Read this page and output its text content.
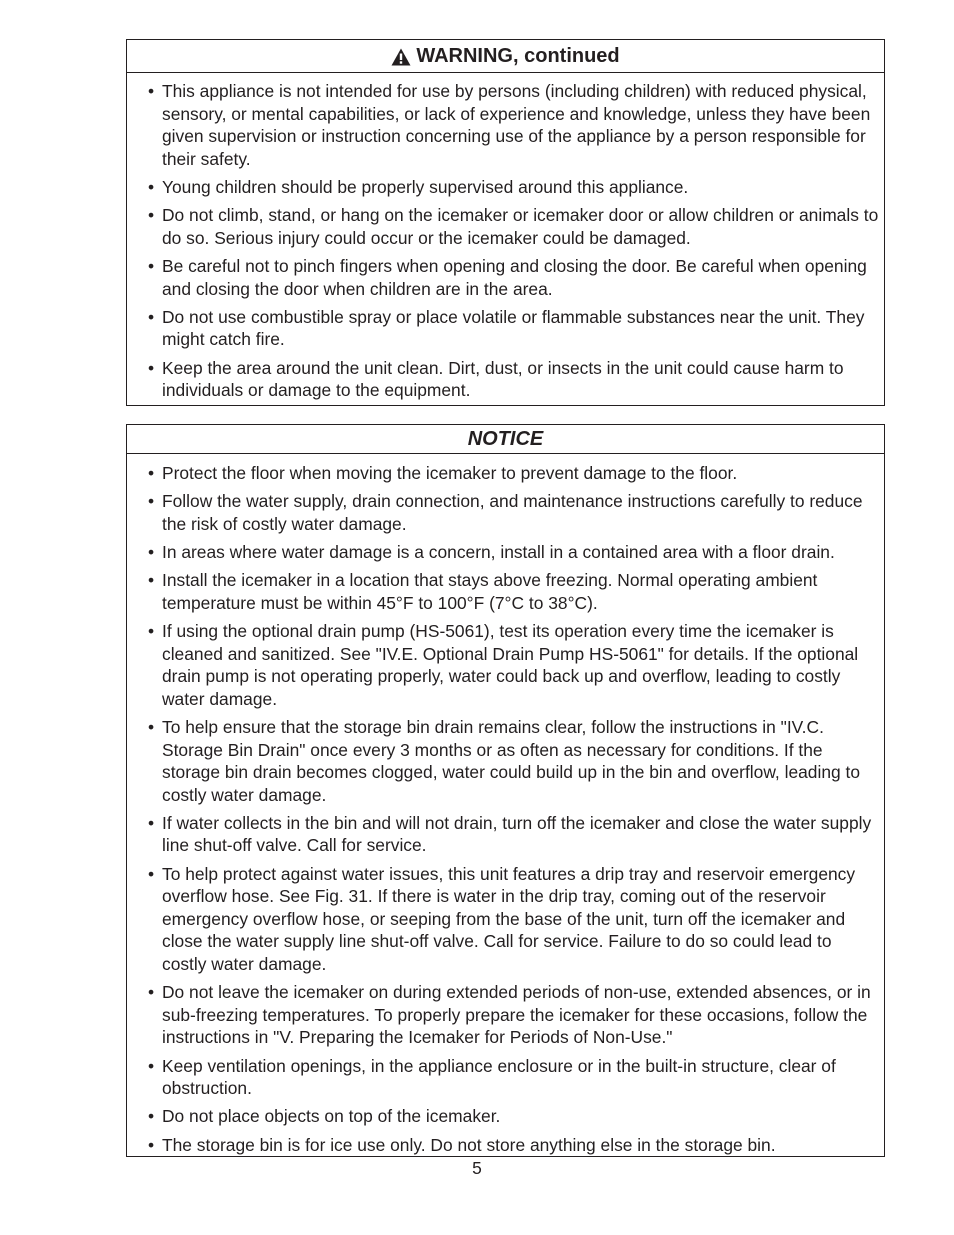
WARNING, continued
• This appliance is not intended for use by persons (including children) with reduced physical, sensory, or mental capabilities, or lack of experience and knowledge, unless they have been given supervision or instruction concerning use of the appliance by a person responsible for their safety.
• Young children should be properly supervised around this appliance.
• Do not climb, stand, or hang on the icemaker or icemaker door or allow children or animals to do so. Serious injury could occur or the icemaker could be damaged.
• Be careful not to pinch fingers when opening and closing the door. Be careful when opening and closing the door when children are in the area.
• Do not use combustible spray or place volatile or flammable substances near the unit. They might catch fire.
• Keep the area around the unit clean. Dirt, dust, or insects in the unit could cause harm to individuals or damage to the equipment.
NOTICE
• Protect the floor when moving the icemaker to prevent damage to the floor.
• Follow the water supply, drain connection, and maintenance instructions carefully to reduce the risk of costly water damage.
• In areas where water damage is a concern, install in a contained area with a floor drain.
• Install the icemaker in a location that stays above freezing. Normal operating ambient temperature must be within 45°F to 100°F (7°C to 38°C).
• If using the optional drain pump (HS-5061), test its operation every time the icemaker is cleaned and sanitized. See "IV.E. Optional Drain Pump HS-5061" for details. If the optional drain pump is not operating properly, water could back up and overflow, leading to costly water damage.
• To help ensure that the storage bin drain remains clear, follow the instructions in "IV.C. Storage Bin Drain" once every 3 months or as often as necessary for conditions. If the storage bin drain becomes clogged, water could build up in the bin and overflow, leading to costly water damage.
• If water collects in the bin and will not drain, turn off the icemaker and close the water supply line shut-off valve. Call for service.
• To help protect against water issues, this unit features a drip tray and reservoir emergency overflow hose. See Fig. 31. If there is water in the drip tray, coming out of the reservoir emergency overflow hose, or seeping from the base of the unit, turn off the icemaker and close the water supply line shut-off valve. Call for service. Failure to do so could lead to costly water damage.
• Do not leave the icemaker on during extended periods of non-use, extended absences, or in sub-freezing temperatures. To properly prepare the icemaker for these occasions, follow the instructions in "V. Preparing the Icemaker for Periods of Non-Use."
• Keep ventilation openings, in the appliance enclosure or in the built-in structure, clear of obstruction.
• Do not place objects on top of the icemaker.
• The storage bin is for ice use only. Do not store anything else in the storage bin.
5
